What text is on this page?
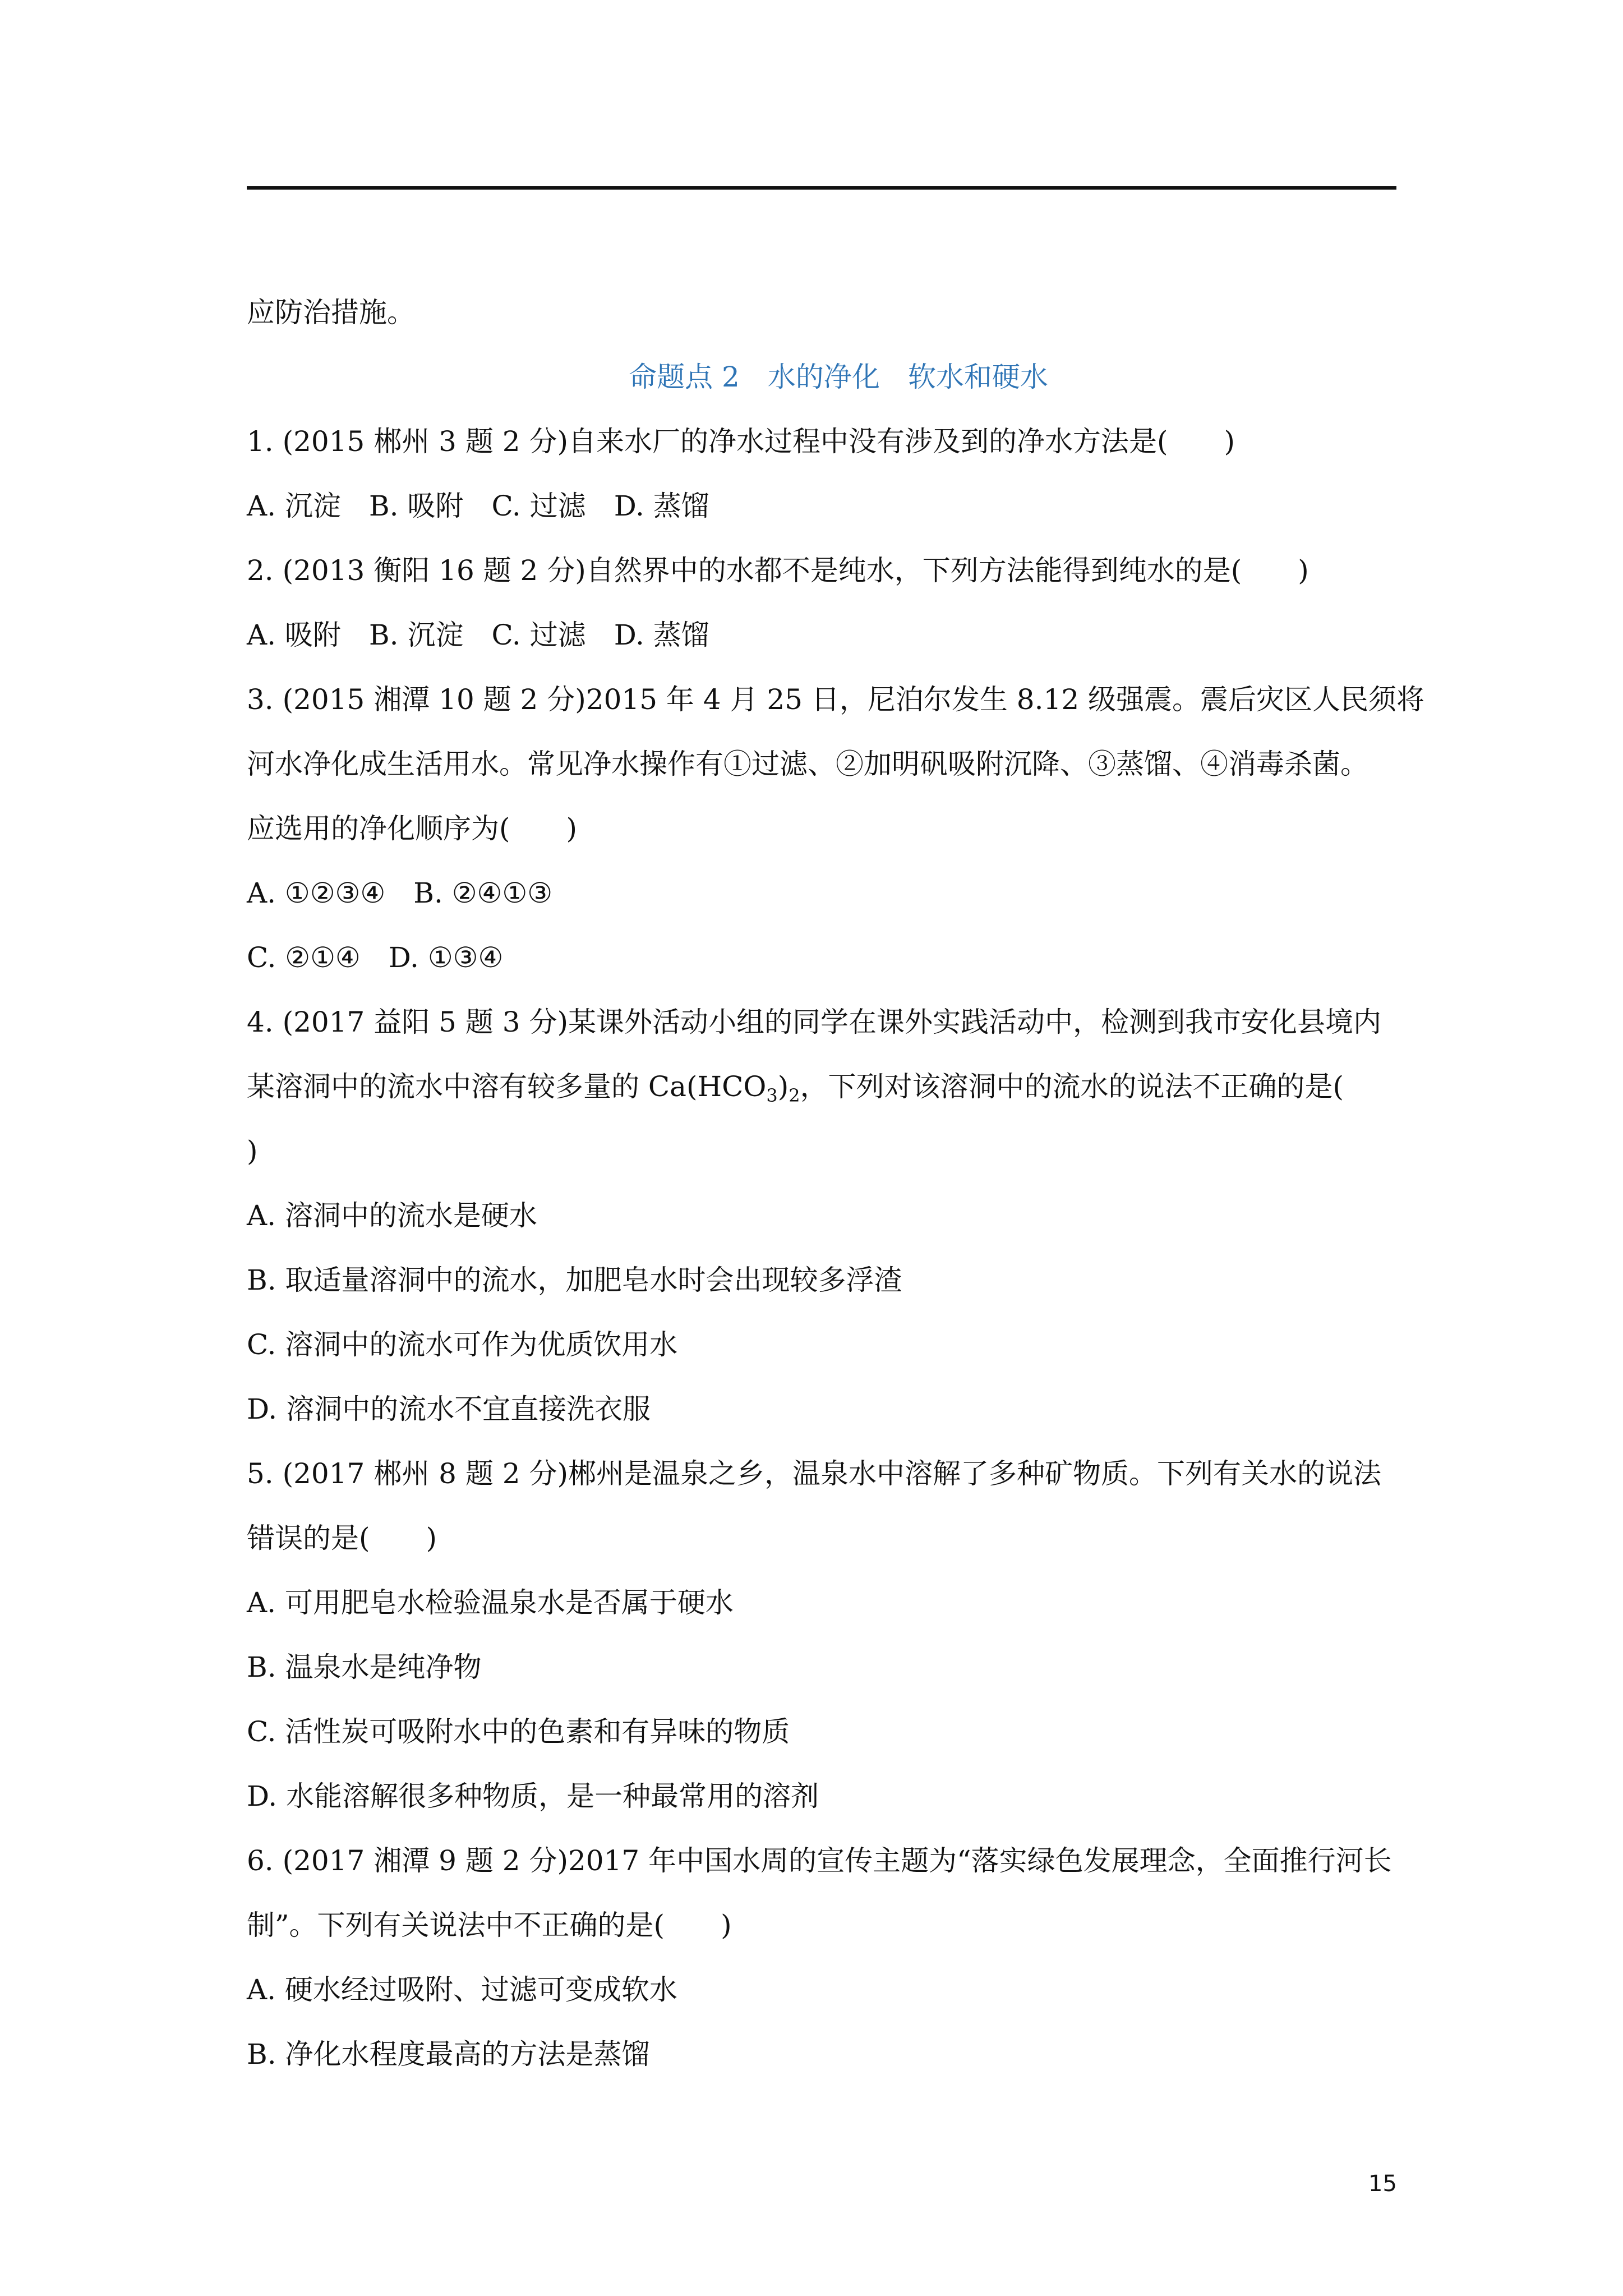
应防治措施。
命题点 2　水的净化　软水和硬水
1. (2015 郴州 3 题 2 分)自来水厂的净水过程中没有涉及到的净水方法是(　　)
A. 沉淀 B. 吸附 C. 过滤 D. 蒸馏
2. (2013 衡阳 16 题 2 分)自然界中的水都不是纯水，下列方法能得到纯水的是(　　)
A. 吸附 B. 沉淀 C. 过滤 D. 蒸馏
3. (2015 湘潭 10 题 2 分)2015 年 4 月 25 日，尼泊尔发生 8.12 级强震。震后灾区人民须将
河水净化成生活用水。常见净水操作有①过滤、②加明矾吸附沉降、③蒸馏、④消毒杀菌。
应选用的净化顺序为(　　)
A. ①②③④ B. ②④①③
C. ②①④ D. ①③④
4. (2017 益阳 5 题 3 分)某课外活动小组的同学在课外实践活动中，检测到我市安化县境内
某溶洞中的流水中溶有较多量的 $Ca(HCO_3)_2$，下列对该溶洞中的流水的说法不正确的是(
)
A. 溶洞中的流水是硬水
B. 取适量溶洞中的流水，加肥皂水时会出现较多浮渣
C. 溶洞中的流水可作为优质饮用水
D. 溶洞中的流水不宜直接洗衣服
5. (2017 郴州 8 题 2 分)郴州是温泉之乡，温泉水中溶解了多种矿物质。下列有关水的说法
错误的是(　　)
A. 可用肥皂水检验温泉水是否属于硬水
B. 温泉水是纯净物
C. 活性炭可吸附水中的色素和有异味的物质
D. 水能溶解很多种物质，是一种最常用的溶剂
6. (2017 湘潭 9 题 2 分)2017 年中国水周的宣传主题为“落实绿色发展理念，全面推行河长
制”。下列有关说法中不正确的是(　　)
A. 硬水经过吸附、过滤可变成软水
B. 净化水程度最高的方法是蒸馏
15
